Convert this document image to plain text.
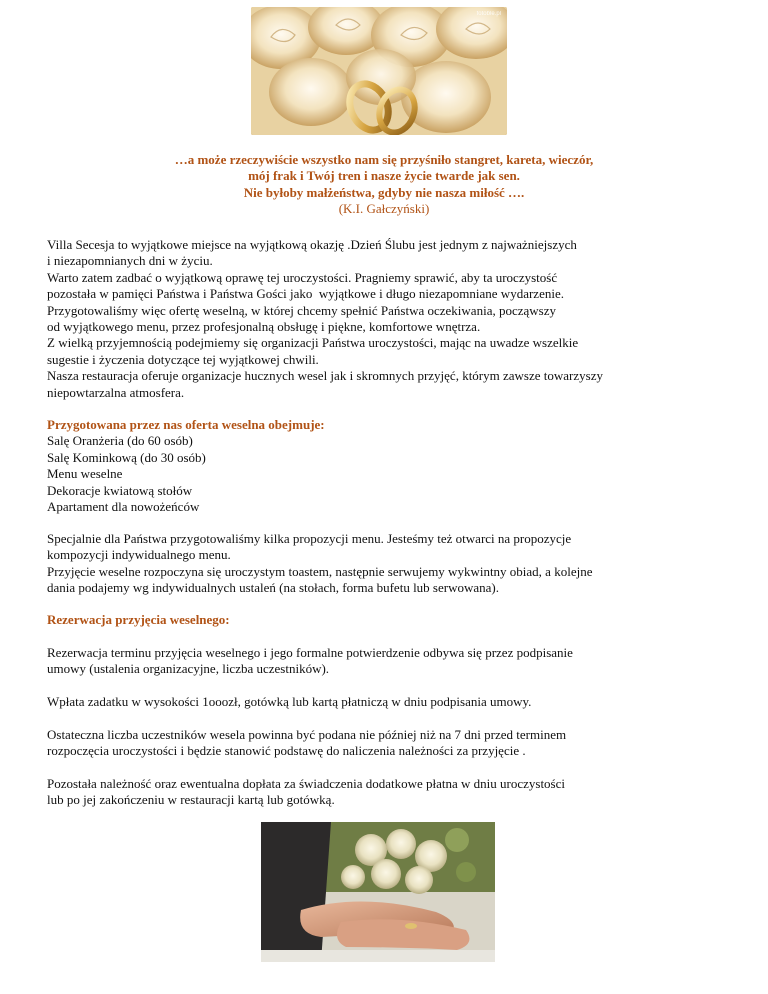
fotoble.pl
…a może rzeczywiście wszystko nam się przyśniło stangret, kareta, wieczór,
mój frak i Twój tren i nasze życie twarde jak sen.
Nie byłoby małżeństwa, gdyby nie nasza miłość ….
(K.I. Gałczyński)
Villa Secesja to wyjątkowe miejsce na wyjątkową okazję .Dzień Ślubu jest jednym z najważniejszych
i niezapomnianych dni w życiu.
Warto zatem zadbać o wyjątkową oprawę tej uroczystości. Pragniemy sprawić, aby ta uroczystość
pozostała w pamięci Państwa i Państwa Gości jako  wyjątkowe i długo niezapomniane wydarzenie.
Przygotowaliśmy więc ofertę weselną, w której chcemy spełnić Państwa oczekiwania, począwszy
od wyjątkowego menu, przez profesjonalną obsługę i piękne, komfortowe wnętrza.
Z wielką przyjemnością podejmiemy się organizacji Państwa uroczystości, mając na uwadze wszelkie
sugestie i życzenia dotyczące tej wyjątkowej chwili.
Nasza restauracja oferuje organizacje hucznych wesel jak i skromnych przyjęć, którym zawsze towarzyszy
niepowtarzalna atmosfera.
Przygotowana przez nas oferta weselna obejmuje:
Salę Oranżeria (do 60 osób)
Salę Kominkową (do 30 osób)
Menu weselne
Dekoracje kwiatową stołów
Apartament dla nowożeńców
Specjalnie dla Państwa przygotowaliśmy kilka propozycji menu. Jesteśmy też otwarci na propozycje
kompozycji indywidualnego menu.
Przyjęcie weselne rozpoczyna się uroczystym toastem, następnie serwujemy wykwintny obiad, a kolejne
dania podajemy wg indywidualnych ustaleń (na stołach, forma bufetu lub serwowana).
Rezerwacja przyjęcia weselnego:
Rezerwacja terminu przyjęcia weselnego i jego formalne potwierdzenie odbywa się przez podpisanie
umowy (ustalenia organizacyjne, liczba uczestników).
Wpłata zadatku w wysokości 1ooozł, gotówką lub kartą płatniczą w dniu podpisania umowy.
Ostateczna liczba uczestników wesela powinna być podana nie później niż na 7 dni przed terminem
rozpoczęcia uroczystości i będzie stanowić podstawę do naliczenia należności za przyjęcie .
Pozostała należność oraz ewentualna dopłata za świadczenia dodatkowe płatna w dniu uroczystości
lub po jej zakończeniu w restauracji kartą lub gotówką.
